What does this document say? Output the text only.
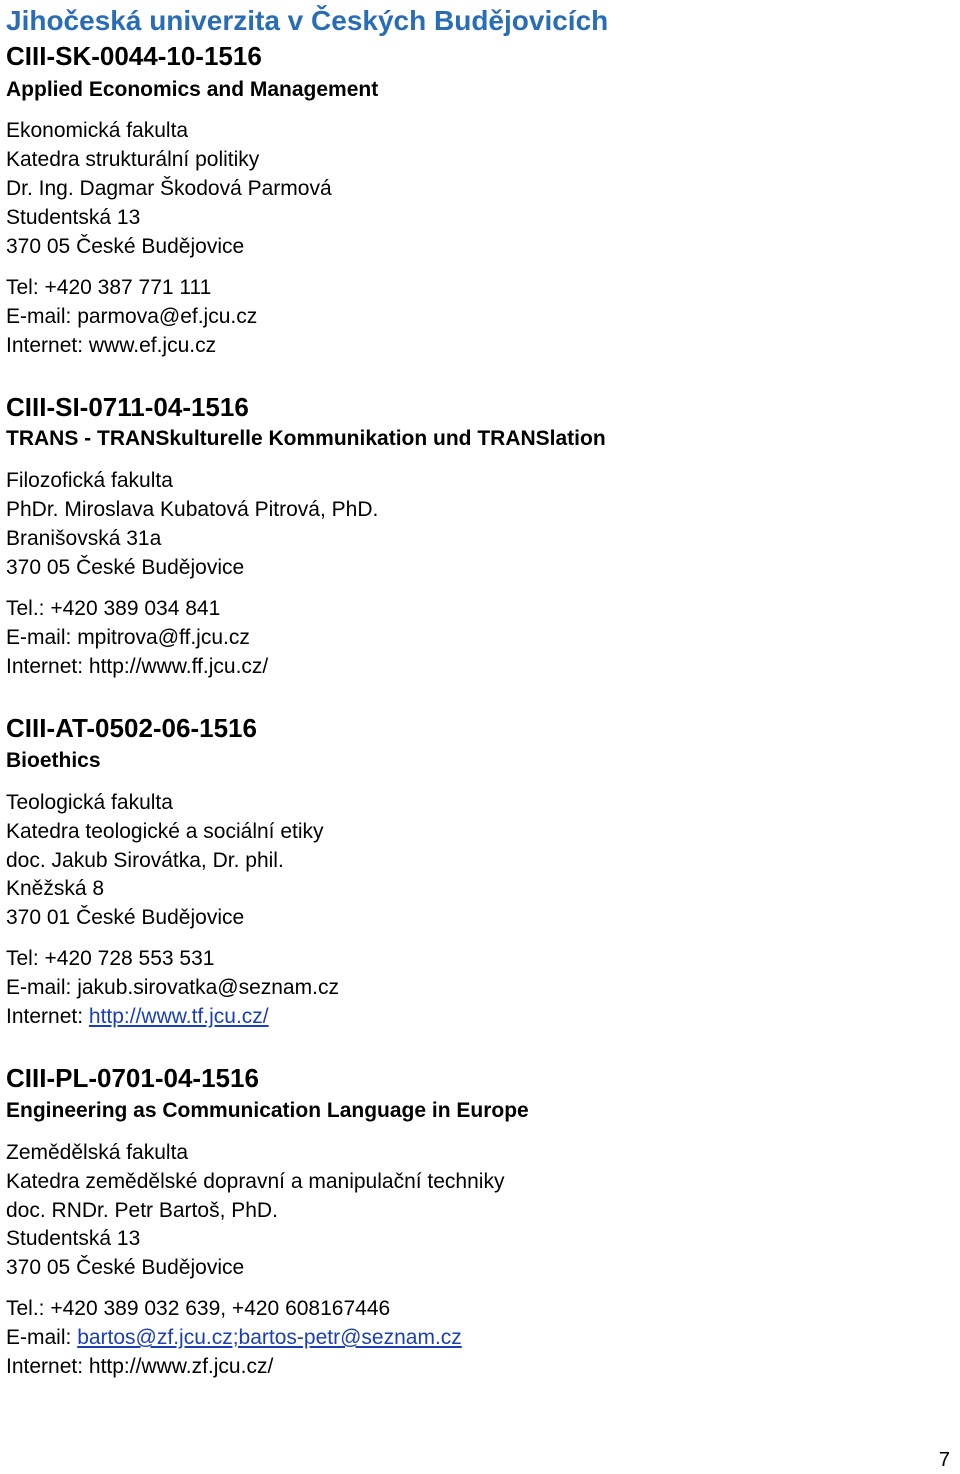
Jihočeská univerzita v Českých Budějovicích
CIII-SK-0044-10-1516
Applied Economics and Management
Ekonomická fakulta
Katedra strukturální politiky
Dr. Ing. Dagmar Škodová Parmová
Studentská 13
370 05 České Budějovice
Tel: +420 387 771 111
E-mail: parmova@ef.jcu.cz
Internet: www.ef.jcu.cz
CIII-SI-0711-04-1516
TRANS - TRANSkulturelle Kommunikation und TRANSlation
Filozofická fakulta
PhDr. Miroslava Kubatová Pitrová, PhD.
Branišovská 31a
370 05 České Budějovice
Tel.: +420 389 034 841
E-mail: mpitrova@ff.jcu.cz
Internet: http://www.ff.jcu.cz/
CIII-AT-0502-06-1516
Bioethics
Teologická fakulta
Katedra teologické a sociální etiky
doc. Jakub Sirovátka, Dr. phil.
Kněžská 8
370 01 České Budějovice
Tel: +420 728 553 531
E-mail: jakub.sirovatka@seznam.cz
Internet: http://www.tf.jcu.cz/
CIII-PL-0701-04-1516
Engineering as Communication Language in Europe
Zemědělská fakulta
Katedra zemědělské dopravní a manipulační techniky
doc. RNDr. Petr Bartoš, PhD.
Studentská 13
370 05 České Budějovice
Tel.: +420 389 032 639, +420 608167446
E-mail: bartos@zf.jcu.cz;bartos-petr@seznam.cz
Internet: http://www.zf.jcu.cz/
7
